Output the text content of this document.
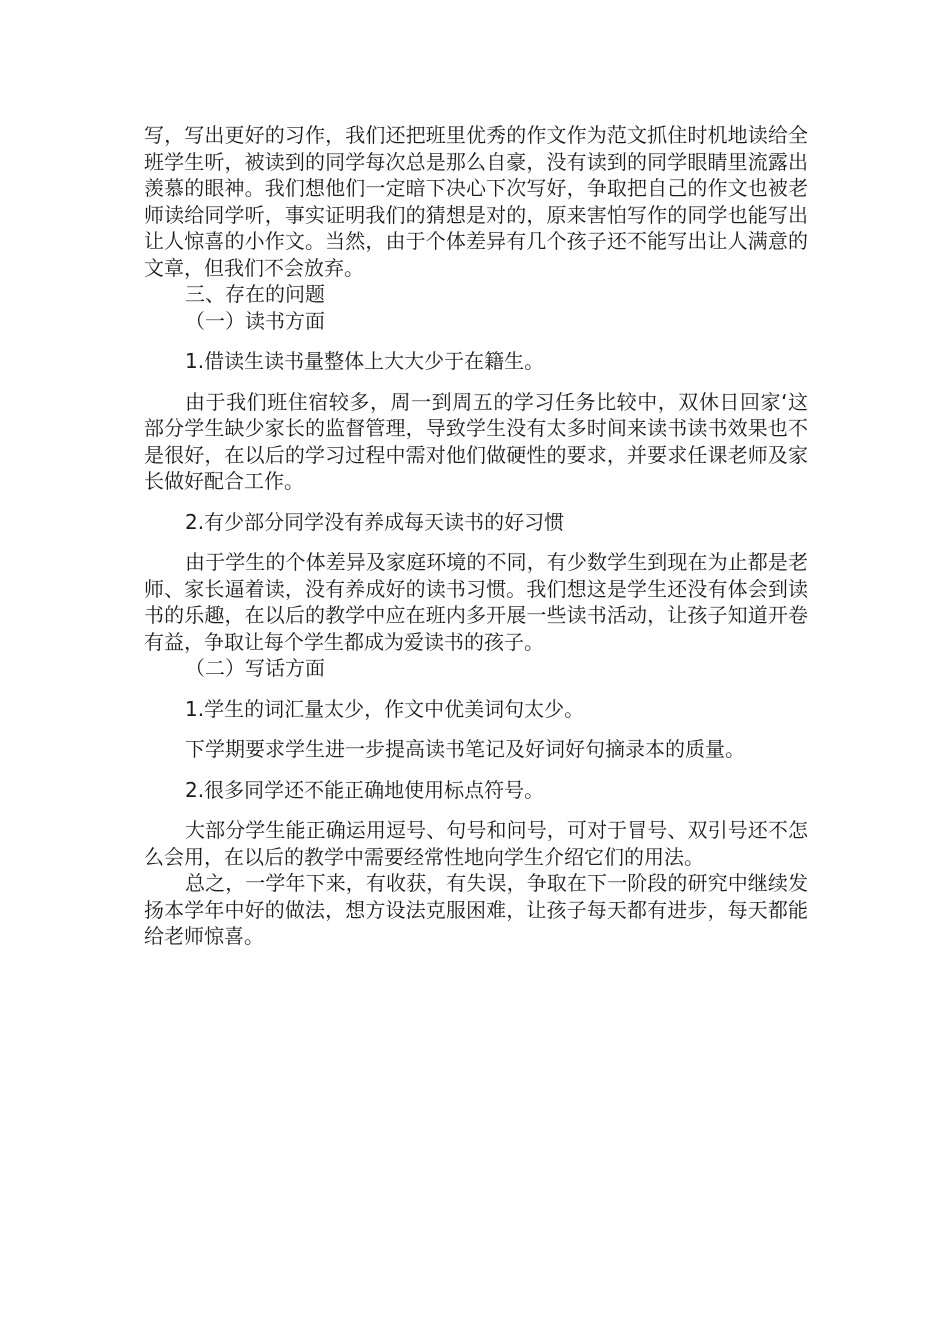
写，写出更好的习作，我们还把班里优秀的作文作为范文抓住时机地读给全班学生听，被读到的同学每次总是那么自豪，没有读到的同学眼睛里流露出羡慕的眼神。我们想他们一定暗下决心下次写好，争取把自己的作文也被老师读给同学听，事实证明我们的猜想是对的，原来害怕写作的同学也能写出让人惊喜的小作文。当然，由于个体差异有几个孩子还不能写出让人满意的文章，但我们不会放弃。

三、存在的问题

（一）读书方面

1.借读生读书量整体上大大少于在籍生。

由于我们班住宿较多，周一到周五的学习任务比较中，双休日回家‘这部分学生缺少家长的监督管理，导致学生没有太多时间来读书读书效果也不是很好，在以后的学习过程中需对他们做硬性的要求，并要求任课老师及家长做好配合工作。

2.有少部分同学没有养成每天读书的好习惯

由于学生的个体差异及家庭环境的不同，有少数学生到现在为止都是老师、家长逼着读，没有养成好的读书习惯。我们想这是学生还没有体会到读书的乐趣，在以后的教学中应在班内多开展一些读书活动，让孩子知道开卷有益，争取让每个学生都成为爱读书的孩子。

（二）写话方面

1.学生的词汇量太少，作文中优美词句太少。

下学期要求学生进一步提高读书笔记及好词好句摘录本的质量。

2.很多同学还不能正确地使用标点符号。

大部分学生能正确运用逗号、句号和问号，可对于冒号、双引号还不怎么会用，在以后的教学中需要经常性地向学生介绍它们的用法。

总之，一学年下来，有收获，有失误，争取在下一阶段的研究中继续发扬本学年中好的做法，想方设法克服困难，让孩子每天都有进步，每天都能给老师惊喜。
